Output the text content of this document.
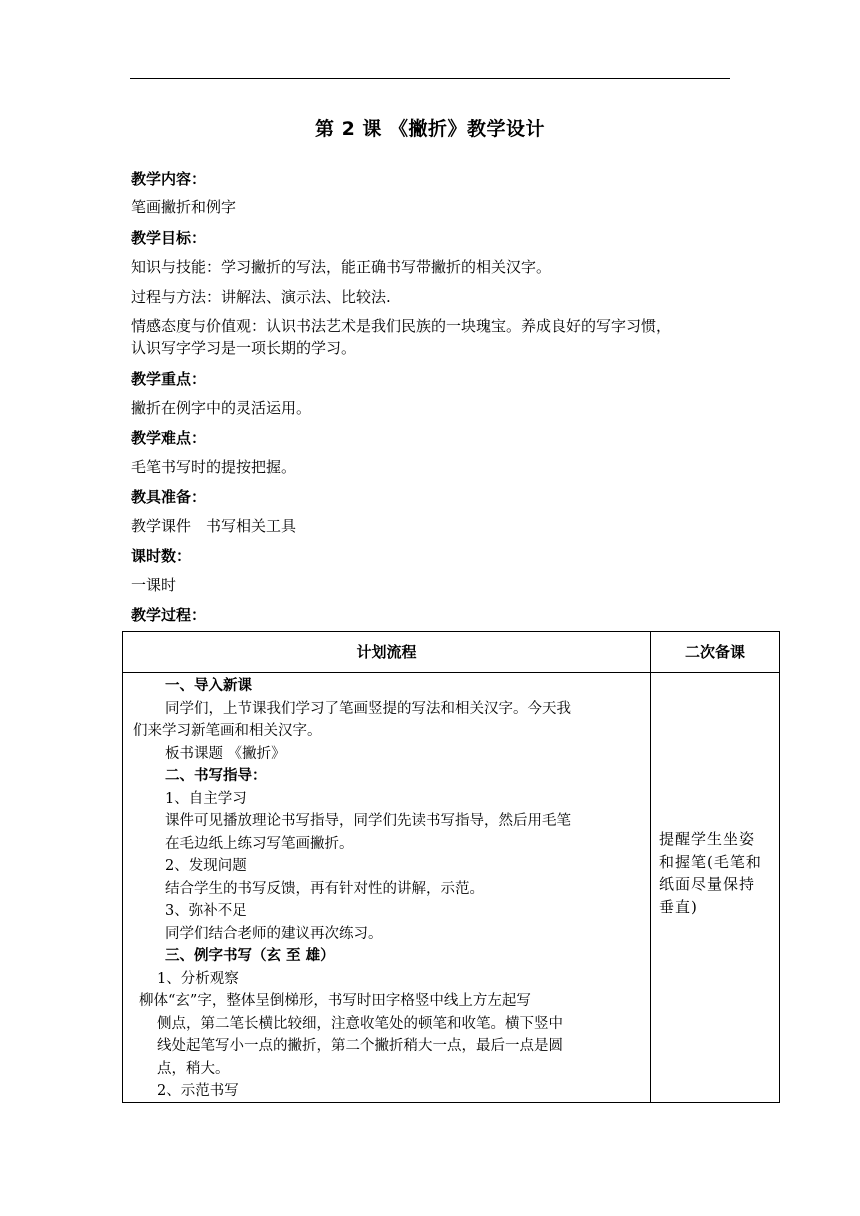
第 2 课 《撇折》教学设计
教学内容：
笔画撇折和例字
教学目标：
知识与技能：学习撇折的写法，能正确书写带撇折的相关汉字。
过程与方法：讲解法、演示法、比较法.
情感态度与价值观：认识书法艺术是我们民族的一块瑰宝。养成良好的写字习惯，
认识写字学习是一项长期的学习。
教学重点：
撇折在例字中的灵活运用。
教学难点：
毛笔书写时的提按把握。
教具准备：
教学课件　书写相关工具
课时数：
一课时
教学过程：
计划流程	二次备课
一、导入新课
同学们，上节课我们学习了笔画竖提的写法和相关汉字。今天我
们来学习新笔画和相关汉字。
板书课题 《撇折》
二、书写指导：
1、自主学习
课件可见播放理论书写指导，同学们先读书写指导，然后用毛笔
在毛边纸上练习写笔画撇折。
2、发现问题
结合学生的书写反馈，再有针对性的讲解，示范。
3、弥补不足
同学们结合老师的建议再次练习。
三、例字书写（玄 至 雄）
1、分析观察
柳体“玄”字，整体呈倒梯形，书写时田字格竖中线上方左起写
侧点，第二笔长横比较细，注意收笔处的顿笔和收笔。横下竖中
线处起笔写小一点的撇折，第二个撇折稍大一点，最后一点是圆
点，稍大。
2、示范书写
提醒学生坐姿
和握笔(毛笔和
纸面尽量保持
垂直)
